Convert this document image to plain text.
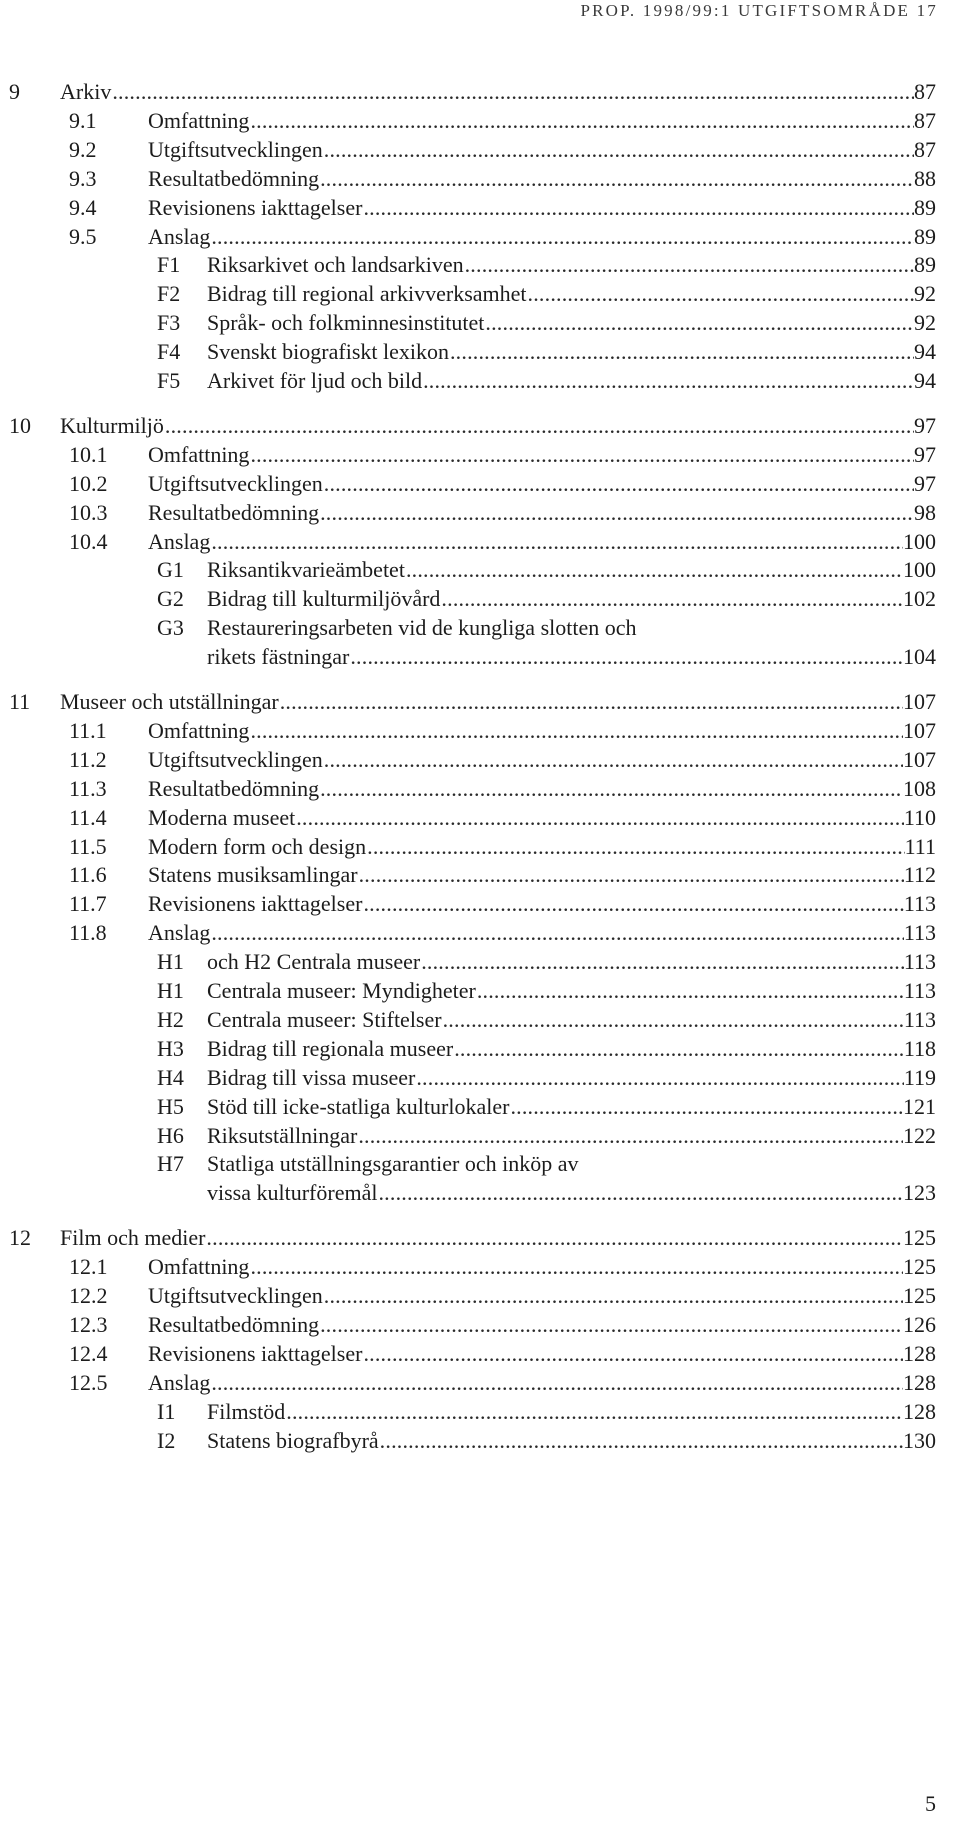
PROP. 1998/99:1 UTGIFTSOMRÅDE 17
9 Arkiv .....	87
9.1 Omfattning .....	87
9.2 Utgiftsutvecklingen .....	87
9.3 Resultatbedömning .....	88
9.4 Revisionens iakttagelser .....	89
9.5 Anslag .....	89
F1 Riksarkivet och landsarkiven .....	89
F2 Bidrag till regional arkivverksamhet .....	92
F3 Språk- och folkminnesinstitutet .....	92
F4 Svenskt biografiskt lexikon .....	94
F5 Arkivet för ljud och bild .....	94
10 Kulturmiljö .....	97
10.1 Omfattning .....	97
10.2 Utgiftsutvecklingen .....	97
10.3 Resultatbedömning .....	98
10.4 Anslag .....	100
G1 Riksantikvarieämbetet .....	100
G2 Bidrag till kulturmiljövård .....	102
G3 Restaureringsarbeten vid de kungliga slotten och
rikets fästningar .....	104
11 Museer och utställningar .....	107
11.1 Omfattning .....	107
11.2 Utgiftsutvecklingen .....	107
11.3 Resultatbedömning .....	108
11.4 Moderna museet .....	110
11.5 Modern form och design .....	111
11.6 Statens musiksamlingar .....	112
11.7 Revisionens iakttagelser .....	113
11.8 Anslag .....	113
H1 och H2 Centrala museer .....	113
H1 Centrala museer: Myndigheter .....	113
H2 Centrala museer: Stiftelser .....	113
H3 Bidrag till regionala museer .....	118
H4 Bidrag till vissa museer .....	119
H5 Stöd till icke-statliga kulturlokaler .....	121
H6 Riksutställningar .....	122
H7 Statliga utställningsgarantier och inköp av
vissa kulturföremål .....	123
12 Film och medier .....	125
12.1 Omfattning .....	125
12.2 Utgiftsutvecklingen .....	125
12.3 Resultatbedömning .....	126
12.4 Revisionens iakttagelser .....	128
12.5 Anslag .....	128
I1 Filmstöd .....	128
I2 Statens biografbyrå .....	130
5
